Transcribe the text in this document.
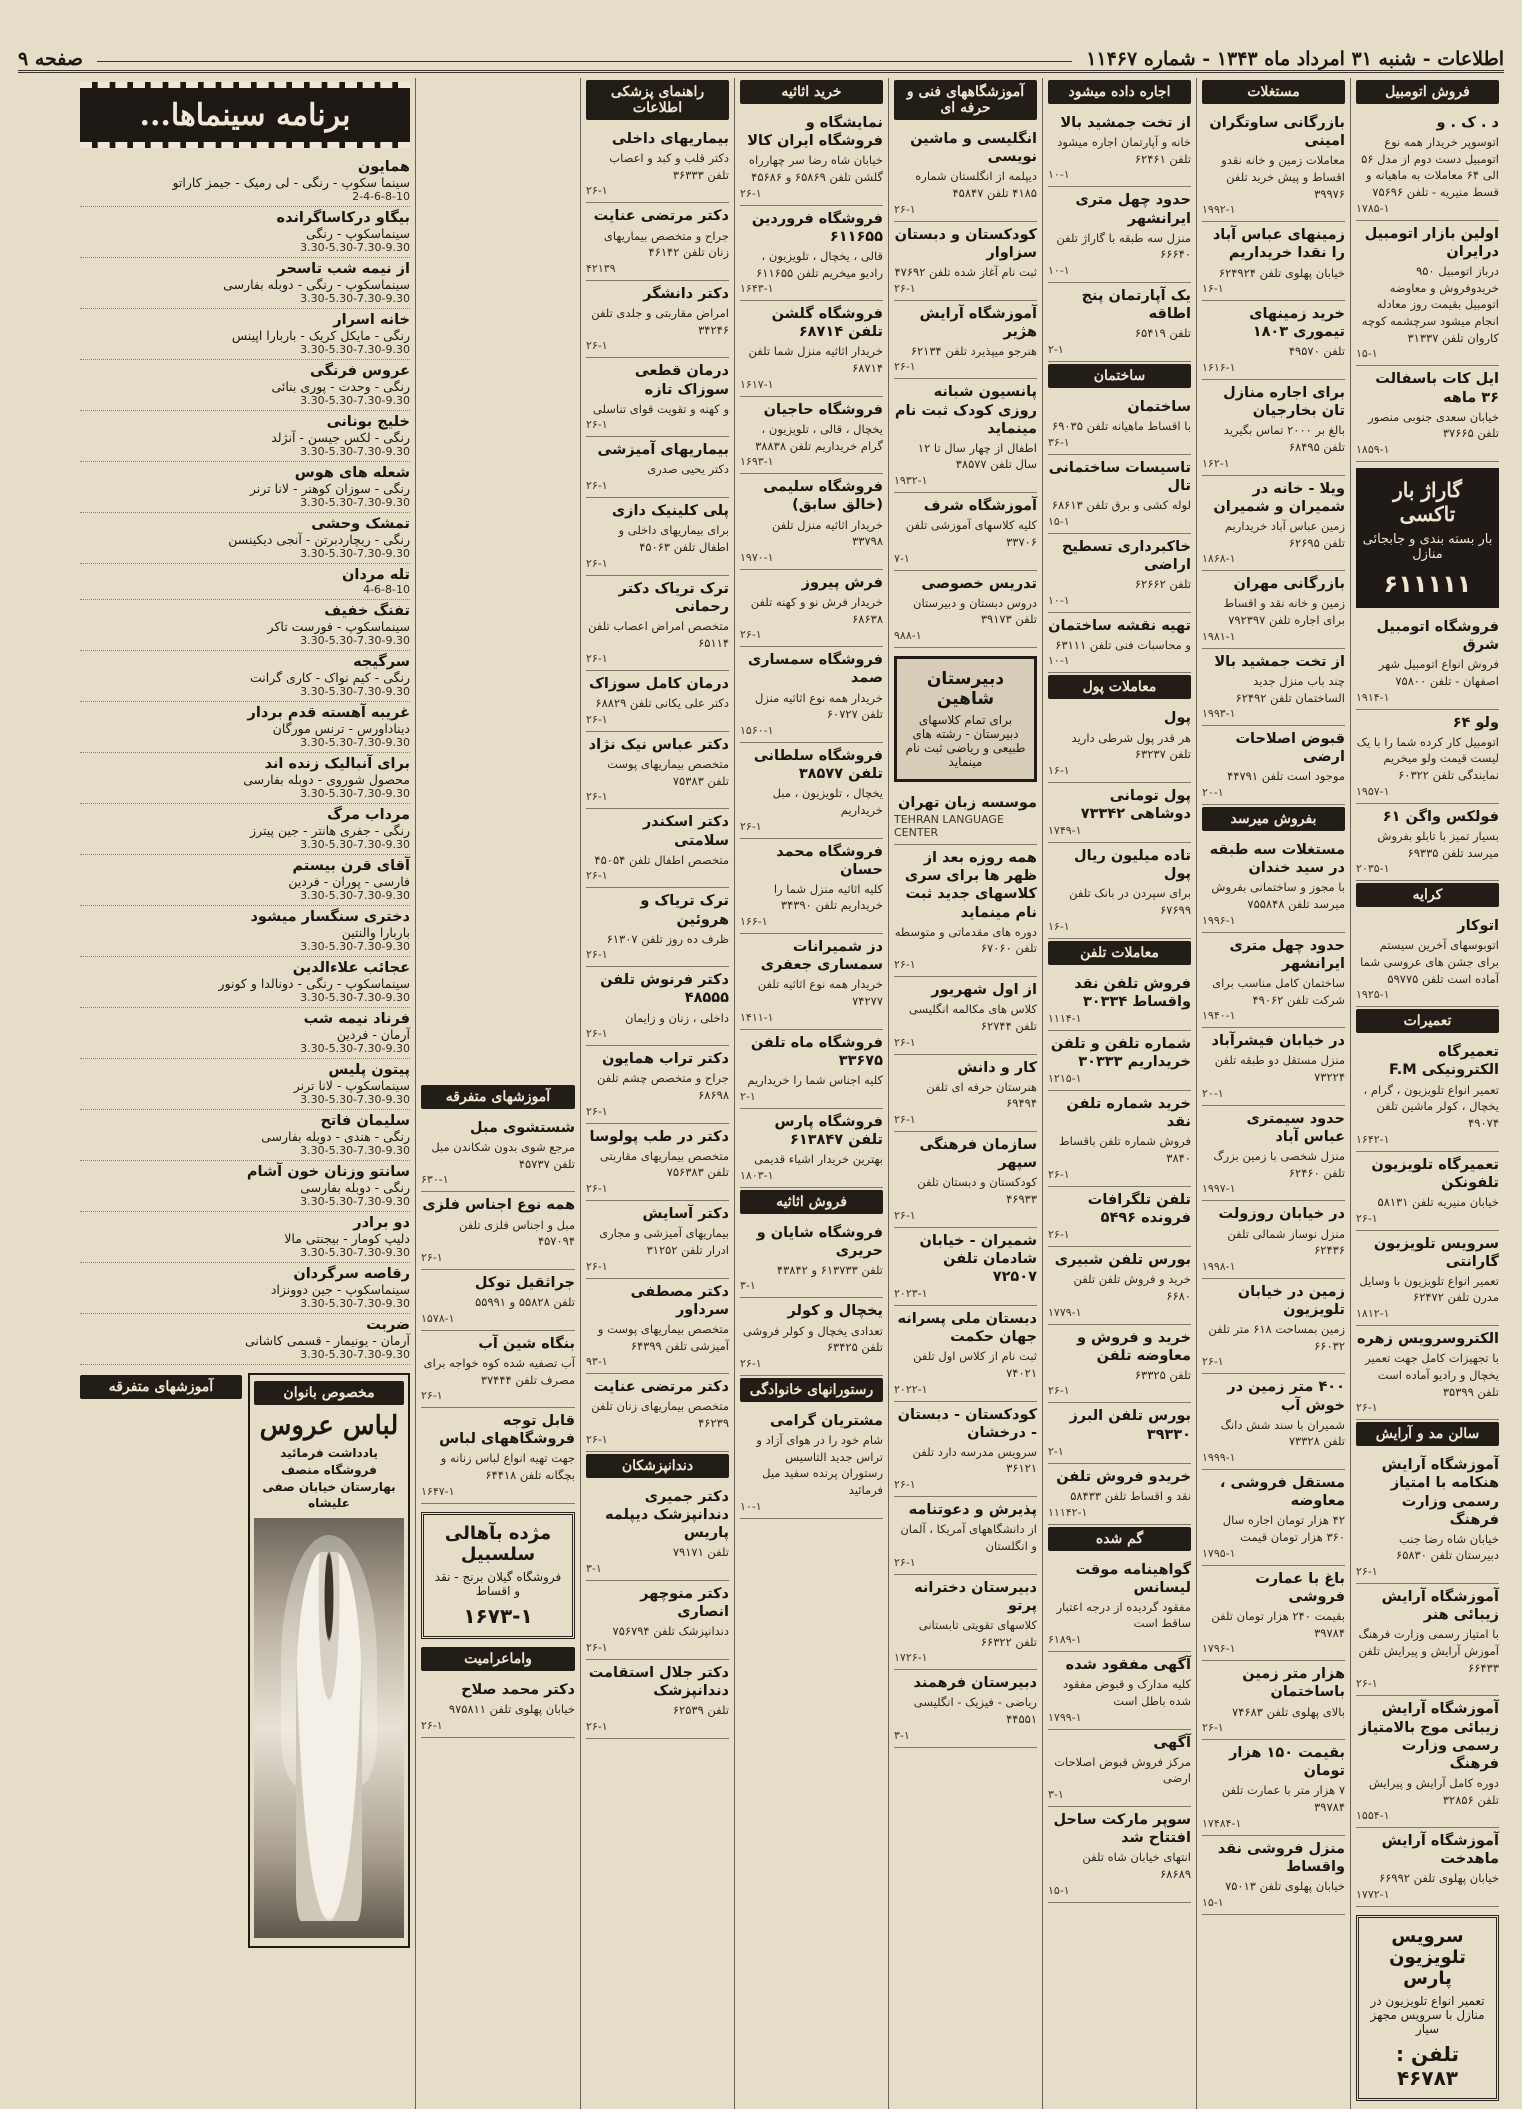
اطلاعات - شنبه ۳۱ امرداد ماه ۱۳۴۳ - شماره ۱۱۴۶۷
صفحه ۹
فروش اتومبیل
د . ک . و
اتوسوپر خریدار همه نوع اتومبیل دست دوم از مدل ۵۶ الی ۶۴ معاملات به ماهیانه و قسط منیریه - تلفن ۷۵۶۹۶
۱۷۸۵-۱
اولین بازار اتومبیل درایران
درباز اتومبیل ۹۵۰ خریدوفروش و معاوضه اتومبیل بقیمت روز معادله انجام میشود سرچشمه کوچه کاروان تلفن ۳۱۳۳۷
۱۵-۱
ایل کات باسفالت ۳۶ ماهه
خیابان سعدی جنوبی منصور تلفن ۳۷۶۶۵
۱۸۵۹-۱
گاراژ بار تاکسی
بار بسته بندی و جابجائی منازل
۶۱۱۱۱۱
فروشگاه اتومبیل شرق
فروش انواع اتومبیل شهر اصفهان - تلفن ۷۵۸۰۰
۱۹۱۴-۱
ولو ۶۴
اتومبیل کار کرده شما را با یک لیست قیمت ولو میخریم نمایندگی تلفن ۶۰۳۲۲
۱۹۵۷-۱
فولکس واگن ۶۱
بسیار تمیز با تابلو بفروش میرسد تلفن ۶۹۳۳۵
۲۰۳۵-۱
کرایه
اتوکار
اتوبوسهای آخرین سیستم برای جشن های عروسی شما آماده است تلفن ۵۹۷۷۵
۱۹۲۵-۱
تعمیرات
تعمیرگاه الکترونیکی F.M
تعمیر انواع تلویزیون ، گرام ، یخچال ، کولر ماشین تلفن ۴۹۰۷۴
۱۶۴۲-۱
تعمیرگاه تلویزیون تلفونکن
خیابان منیریه تلفن ۵۸۱۳۱
۲۶-۱
سرویس تلویزیون گارانتی
تعمیر انواع تلویزیون با وسایل مدرن تلفن ۶۲۴۷۲
۱۸۱۲-۱
الکتروسرویس زهره
با تجهیزات کامل جهت تعمیر یخچال و رادیو آماده است تلفن ۳۵۳۹۹
۲۶-۱
سالن مد و آرایش
آموزشگاه آرایش هنکامه با امتیاز رسمی وزارت فرهنگ
خیابان شاه رضا جنب دبیرستان تلفن ۶۵۸۳۰
۲۶-۱
آموزشگاه آرایش زیبائی هنر
با امتیاز رسمی وزارت فرهنگ آموزش آرایش و پیرایش تلفن ۶۶۴۳۳
۲۶-۱
آموزشگاه آرایش زیبائی موج بالامتیاز رسمی وزارت فرهنگ
دوره کامل آرایش و پیرایش تلفن ۳۲۸۵۶
۱۵۵۴-۱
آموزشگاه آرایش ماهدخت
خیابان پهلوی تلفن ۶۶۹۹۲
۱۷۷۲-۱
سرویس تلویزیون پارس
تعمیر انواع تلویزیون در منازل با سرویس مجهز سیار
تلفن : ۴۶۷۸۳
مستغلات
بازرگانی ساوتگران امینی
معاملات زمین و خانه نقدو اقساط و پیش خرید تلفن ۳۹۹۷۶
۱۹۹۲-۱
زمینهای عباس آباد را نقدا خریداریم
خیابان پهلوی تلفن ۶۲۴۹۲۴
۱۶-۱
خرید زمینهای تیموری ۱۸۰۳
تلفن ۴۹۵۷۰
۱۶۱۶-۱
برای اجاره منازل تان بخارجیان
بالغ بر ۲۰۰۰ تماس بگیرید تلفن ۶۸۴۹۵
۱۶۲-۱
ویلا - خانه در شمیران و شمیران
زمین عباس آباد خریداریم تلفن ۶۲۶۹۵
۱۸۶۸-۱
بازرگانی مهران
زمین و خانه نقد و اقساط برای اجاره تلفن ۷۹۲۳۹۷
۱۹۸۱-۱
از تخت جمشید بالا
چند باب منزل جدید الساختمان تلفن ۶۲۴۹۲
۱۹۹۳-۱
قبوض اصلاحات ارضی
موجود است تلفن ۴۴۷۹۱
۲۰-۱
بفروش میرسد
مستغلات سه طبقه در سید خندان
با مجوز و ساختمانی بفروش میرسد تلفن ۷۵۵۸۴۸
۱۹۹۶-۱
حدود چهل متری ایرانشهر
ساختمان کامل مناسب برای شرکت تلفن ۴۹۰۶۲
۱۹۴۰-۱
در خیابان فیشرآباد
منزل مستقل دو طبقه تلفن ۷۳۲۲۴
۲۰-۱
حدود سیمتری عباس آباد
منزل شخصی با زمین بزرگ تلفن ۶۲۴۶۰
۱۹۹۷-۱
در خیابان روزولت
منزل نوساز شمالی تلفن ۶۲۴۳۶
۱۹۹۸-۱
زمین در خیابان تلویزیون
زمین بمساحت ۶۱۸ متر تلفن ۶۶۰۳۲
۲۶-۱
۴۰۰ متر زمین در خوش آب
شمیران با سند شش دانگ تلفن ۷۳۳۲۸
۱۹۹۹-۱
مستقل فروشی ، معاوضه
۴۲ هزار تومان اجاره سال ۳۶۰ هزار تومان قیمت
۱۷۹۵-۱
باغ با عمارت فروشی
بقیمت ۲۴۰ هزار تومان تلفن ۳۹۷۸۴
۱۷۹۶-۱
هزار متر زمین باساختمان
بالای پهلوی تلفن ۷۴۶۸۳
۲۶-۱
بقیمت ۱۵۰ هزار تومان
۷ هزار متر با عمارت تلفن ۳۹۷۸۴
۱۷۴۸۴-۱
منزل فروشی نقد واقساط
خیابان پهلوی تلفن ۷۵۰۱۳
۱۵-۱
اجاره داده میشود
از تخت جمشید بالا
خانه و آپارتمان اجاره میشود تلفن ۶۲۴۶۱
۱۰-۱
حدود چهل متری ایرانشهر
منزل سه طبقه با گاراژ تلفن ۶۶۶۴۰
۱۰-۱
یک آپارتمان پنج اطاقه
تلفن ۶۵۴۱۹
۲-۱
ساختمان
ساختمان
با اقساط ماهیانه تلفن ۶۹۰۳۵
۳۶-۱
تاسیسات ساختمانی تال
لوله کشی و برق تلفن ۶۸۶۱۳
۱۵-۱
خاکبرداری تسطیح اراضی
تلفن ۶۲۶۶۲
۱۰-۱
تهیه نقشه ساختمان
و محاسبات فنی تلفن ۶۳۱۱۱
۱۰-۱
معاملات پول
پول
هر قدر پول شرطی دارید تلفن ۶۳۲۳۷
۱۶-۱
پول تومانی دوشاهی ۷۳۳۴۲
۱۷۴۹-۱
تاده میلیون ریال پول
برای سپردن در بانک تلفن ۶۷۶۹۹
۱۶-۱
معاملات تلفن
فروش تلفن نقد واقساط ۳۰۳۳۴
۱۱۱۴-۱
شماره تلفن و تلفن خریداریم ۳۰۳۳۳
۱۲۱۵-۱
خرید شماره تلفن نقد
فروش شماره تلفن باقساط ۳۸۴۰
۲۶-۱
تلفن تلگرافات فرونده ۵۴۹۶
۲۶-۱
بورس تلفن شبیری
خرید و فروش تلفن تلفن ۶۶۸۰
۱۷۷۹-۱
خرید و فروش و معاوضه تلفن
تلفن ۶۳۳۲۵
۲۶-۱
بورس تلفن البرز ۳۹۳۳۰
۲-۱
خریدو فروش تلفن
نقد و اقساط تلفن ۵۸۴۳۳
۱۱۱۴۲-۱
گم شده
گواهینامه موقت لیسانس
مفقود گردیده از درجه اعتبار ساقط است
۶۱۸۹-۱
آگهی مفقود شده
کلیه مدارک و قبوض مفقود شده باطل است
۱۷۹۹-۱
آگهی
مرکز فروش قبوض اصلاحات ارضی
۳-۱
سوپر مارکت ساحل افتتاح شد
انتهای خیابان شاه تلفن ۶۸۶۸۹
۱۵-۱
آموزشگاههای فنی و حرفه ای
انگلیسی و ماشین نویسی
دیپلمه از انگلستان شماره ۴۱۸۵ تلفن ۴۵۸۴۷
۲۶-۱
کودکستان و دبستان سزاوار
ثبت نام آغاز شده تلفن ۴۷۶۹۲
۲۶-۱
آموزشگاه آرایش هژیر
هنرجو میپذیرد تلفن ۶۲۱۳۴
۲۶-۱
پانسیون شبانه روزی کودک ثبت نام مینماید
اطفال از چهار سال تا ۱۲ سال تلفن ۳۸۵۷۷
۱۹۳۲-۱
آموزشگاه شرف
کلیه کلاسهای آموزشی تلفن ۳۳۷۰۶
۷-۱
تدریس خصوصی
دروس دبستان و دبیرستان تلفن ۳۹۱۷۳
۹۸۸-۱
دبیرستان شاهین
برای تمام کلاسهای دبیرستان - رشته های طبیعی و ریاضی ثبت نام مینماید
موسسه زبان تهران
TEHRAN LANGUAGE CENTER
همه روزه بعد از ظهر ها برای سری کلاسهای جدید ثبت نام مینماید
دوره های مقدماتی و متوسطه تلفن ۶۷۰۶۰
۲۶-۱
از اول شهریور
کلاس های مکالمه انگلیسی تلفن ۶۲۷۴۴
۲۶-۱
کار و دانش
هنرستان حرفه ای تلفن ۶۹۴۹۴
۲۶-۱
سازمان فرهنگی سپهر
کودکستان و دبستان تلفن ۴۶۹۳۳
۲۶-۱
شمیران - خیابان شادمان تلفن ۷۲۵۰۷
۲۰۲۳-۱
دبستان ملی پسرانه جهان حکمت
ثبت نام از کلاس اول تلفن ۷۴۰۲۱
۲۰۲۲-۱
کودکستان - دبستان - درخشان
سرویس مدرسه دارد تلفن ۳۶۱۲۱
۲۶-۱
پذیرش و دعوتنامه
از دانشگاههای آمریکا ، آلمان و انگلستان
۲۶-۱
دبیرستان دخترانه پرتو
کلاسهای تقویتی تابستانی تلفن ۶۶۳۲۲
۱۷۲۶-۱
دبیرستان فرهمند
ریاضی - فیزیک - انگلیسی ۴۴۵۵۱
۳-۱
خرید اثاثیه
نمایشگاه و فروشگاه ایران کالا
خیابان شاه رضا سر چهارراه گلشن تلفن ۶۵۸۶۹ و ۴۵۶۸۶
۲۶-۱
فروشگاه فروردین ۶۱۱۶۵۵
قالی ، یخچال ، تلویزیون ، رادیو میخریم تلفن ۶۱۱۶۵۵
۱۶۴۳-۱
فروشگاه گلشن تلفن ۶۸۷۱۴
خریدار اثاثیه منزل شما تلفن ۶۸۷۱۴
۱۶۱۷-۱
فروشگاه حاجیان
یخچال ، قالی ، تلویزیون ، گرام خریداریم تلفن ۳۸۸۳۸
۱۶۹۳-۱
فروشگاه سلیمی (خالق سابق)
خریدار اثاثیه منزل تلفن ۳۳۷۹۸
۱۹۷۰-۱
فرش پیروز
خریدار فرش نو و کهنه تلفن ۶۸۶۳۸
۲۶-۱
فروشگاه سمساری صمد
خریدار همه نوع اثاثیه منزل تلفن ۶۰۷۲۷
۱۵۶۰-۱
فروشگاه سلطانی تلفن ۳۸۵۷۷
یخچال ، تلویزیون ، مبل خریداریم
۲۶-۱
فروشگاه محمد حسان
کلیه اثاثیه منزل شما را خریداریم تلفن ۳۴۳۹۰
۱۶۶-۱
دز شمیرانات سمساری جعفری
خریدار همه نوع اثاثیه تلفن ۷۴۲۷۷
۱۴۱۱-۱
فروشگاه ماه تلفن ۳۳۶۷۵
کلیه اجناس شما را خریداریم
۲-۱
فروشگاه پارس تلفن ۶۱۳۸۴۷
بهترین خریدار اشیاء قدیمی
۱۸۰۳-۱
فروش اثاثیه
فروشگاه شایان و حریری
تلفن ۶۱۳۷۳۳ و ۴۳۸۴۲
۳-۱
یخچال و کولر
تعدادی یخچال و کولر فروشی تلفن ۶۳۴۲۵
۲۶-۱
رستورانهای خانوادگی
مشتریان گرامی
شام خود را در هوای آزاد و تراس جدید التاسیس رستوران پرنده سفید میل فرمائید
۱۰-۱
راهنمای پزشکی اطلاعات
بیماریهای داخلی
دکتر قلب و کبد و اعصاب تلفن ۳۶۳۳۳
۲۶-۱
دکتر مرتضی عنایت
جراح و متخصص بیماریهای زنان تلفن ۴۶۱۴۲
۴۲۱۳۹
دکتر دانشگر
امراض مقاربتی و جلدی تلفن ۳۴۲۴۶
۲۶-۱
درمان قطعی سوزاک تازه
و کهنه و تقویت قوای تناسلی
۲۶-۱
بیماریهای آمیزشی
دکتر یحیی صدری
۲۶-۱
پلی کلینیک دازی
برای بیماریهای داخلی و اطفال تلفن ۴۵۰۶۳
۲۶-۱
ترک تریاک دکتر رحمانی
متخصص امراض اعصاب تلفن ۶۵۱۱۴
۲۶-۱
درمان کامل سوزاک
دکتر علی یکانی تلفن ۶۸۸۲۹
۲۶-۱
دکتر عباس نیک نژاد
متخصص بیماریهای پوست تلفن ۷۵۳۸۳
۲۶-۱
دکتر اسکندر سلامتی
متخصص اطفال تلفن ۴۵۰۵۴
۲۶-۱
ترک تریاک و هروئین
ظرف ده روز تلفن ۶۱۳۰۷
۲۶-۱
دکتر فرنوش تلفن ۴۸۵۵۵
داخلی ، زنان و زایمان
۲۶-۱
دکتر تراب همایون
جراح و متخصص چشم تلفن ۶۸۶۹۸
۲۶-۱
دکتر در طب پولوسا
متخصص بیماریهای مقاربتی تلفن ۷۵۶۳۸۳
۲۶-۱
دکتر آسایش
بیماریهای آمیزشی و مجاری ادرار تلفن ۳۱۲۵۲
۲۶-۱
دکتر مصطفی سرداور
متخصص بیماریهای پوست و آمیزشی تلفن ۶۴۳۹۹
۹۳-۱
دکتر مرتضی عنایت
متخصص بیماریهای زنان تلفن ۴۶۲۳۹
۲۶-۱
دندانپزشکان
دکتر جمیری دندانپزشک دیپلمه پاریس
تلفن ۷۹۱۷۱
۳-۱
دکتر منوچهر انصاری
دندانپزشک تلفن ۷۵۶۷۹۴
۲۶-۱
دکتر جلال استقامت دندانپزشک
تلفن ۶۲۵۳۹
۲۶-۱
آموزشهای متفرقه
شستشوی مبل
مرجع شوی بدون شکاندن مبل تلفن ۴۵۷۳۷
۶۳۰-۱
همه نوع اجناس فلزی
مبل و اجناس فلزی تلفن ۴۵۷۰۹۴
۲۶-۱
جراثقیل توکل
تلفن ۵۵۸۲۸ و ۵۵۹۹۱
۱۵۷۸-۱
بنگاه شین آب
آب تصفیه شده کوه خواجه برای مصرف تلفن ۳۷۴۴۴
۲۶-۱
قابل توجه فروشگاههای لباس
جهت تهیه انواع لباس زنانه و بچگانه تلفن ۶۴۴۱۸
۱۶۴۷-۱
مژده بآهالی سلسبیل
فروشگاه گیلان برنج - نقد و اقساط
۱۶۷۳-۱
واماعرامیت
دکتر محمد صلاح
خیابان پهلوی تلفن ۹۷۵۸۱۱
۲۶-۱
برنامه سینماها...
همایون
سینما سکوپ - رنگی - لی رمیک - جیمز کاراتو
2-4-6-8-10
بیگاو درکاساگرانده
سینماسکوپ - رنگی
3.30-5.30-7.30-9.30
از نیمه شب تاسحر
سینماسکوپ - رنگی - دوبله بفارسی
3.30-5.30-7.30-9.30
خانه اسرار
رنگی - مایکل کریک - باربارا اپینس
3.30-5.30-7.30-9.30
عروس فرنگی
رنگی - وحدت - پوری بنائی
3.30-5.30-7.30-9.30
خلیج بونانی
رنگی - لکس جیسن - آنژلد
3.30-5.30-7.30-9.30
شعله های هوس
رنگی - سوزان کوهنر - لانا ترنر
3.30-5.30-7.30-9.30
تمشک وحشی
رنگی - ریچاردبرتن - آنجی دیکینسن
3.30-5.30-7.30-9.30
تله مردان
4-6-8-10
تفنگ خفیف
سینماسکوپ - فورست تاکر
3.30-5.30-7.30-9.30
سرگیجه
رنگی - کیم نواک - کاری گرانت
3.30-5.30-7.30-9.30
غریبه آهسته قدم بردار
دیناداورس - ترنس مورگان
3.30-5.30-7.30-9.30
برای آنبالیک زنده اند
محصول شوروی - دوبله بفارسی
3.30-5.30-7.30-9.30
مرداب مرگ
رنگی - جفری هانتر - جین پیترز
3.30-5.30-7.30-9.30
آقای قرن بیستم
فارسی - پوران - فردین
3.30-5.30-7.30-9.30
دختری سنگسار میشود
باربارا والنتین
3.30-5.30-7.30-9.30
عجائب علاءالدین
سینماسکوپ - رنگی - دونالدا و کونور
3.30-5.30-7.30-9.30
فرناد نیمه شب
آرمان - فردین
3.30-5.30-7.30-9.30
پیتون پلیس
سینماسکوپ - لانا ترنر
3.30-5.30-7.30-9.30
سلیمان فاتح
رنگی - هندی - دوبله بفارسی
3.30-5.30-7.30-9.30
سانتو وزنان خون آشام
رنگی - دوبله بفارسی
3.30-5.30-7.30-9.30
دو برادر
دلیپ کومار - بیجنتی مالا
3.30-5.30-7.30-9.30
رقاصه سرگردان
سینماسکوپ - جین دوونزاد
3.30-5.30-7.30-9.30
ضربت
آرمان - یونیمار - قسمی کاشانی
3.30-5.30-7.30-9.30
مخصوص بانوان
لباس عروس
یادداشت فرمائید فروشگاه منصف بهارستان خیابان صفی علیشاه
آموزشهای متفرقه
